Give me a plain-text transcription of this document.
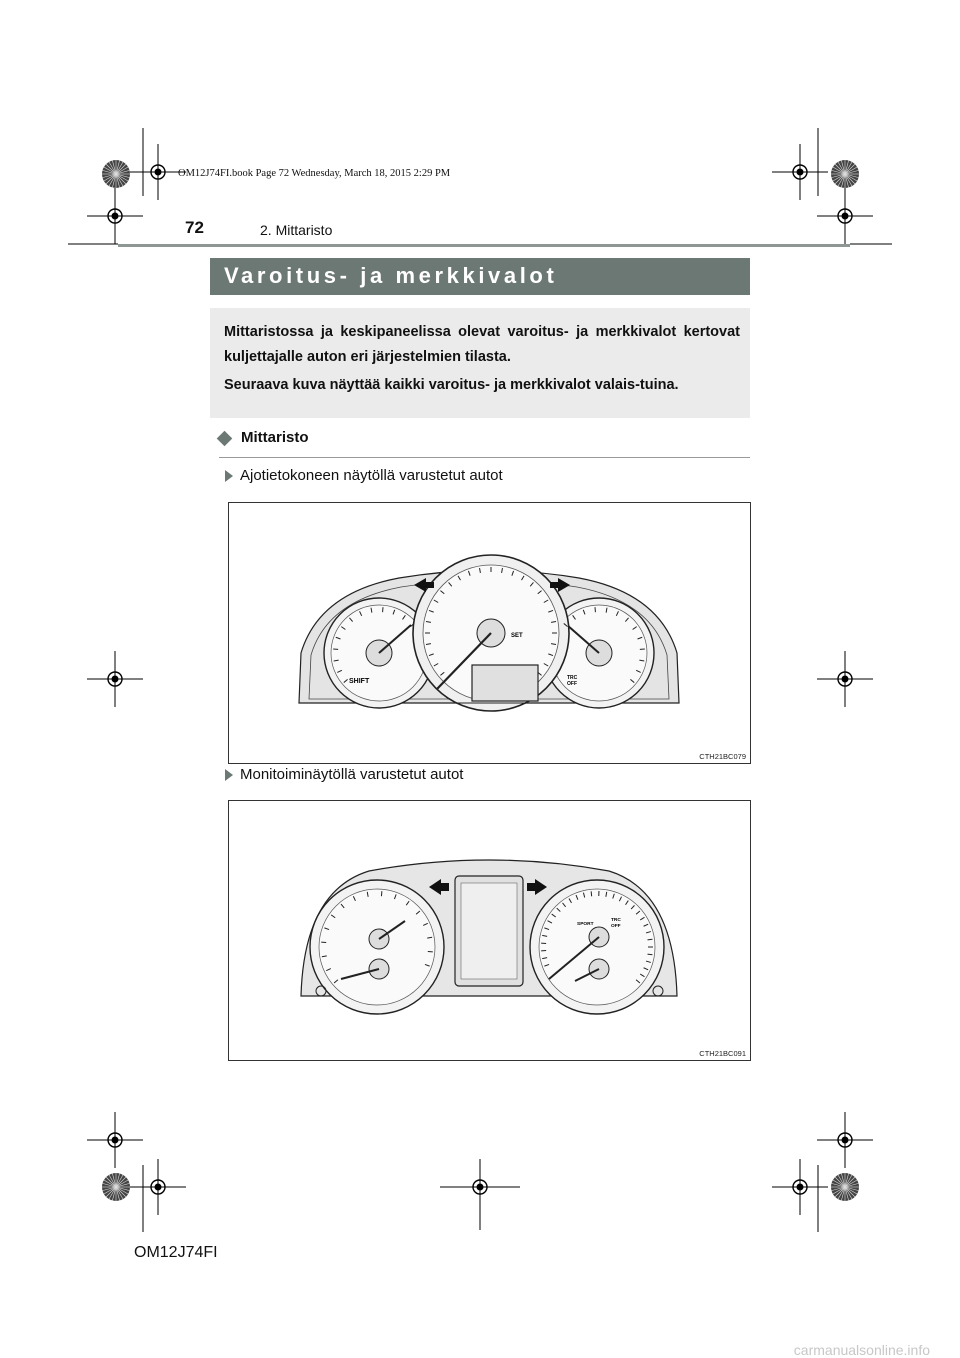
OM12J74FI.book Page 72 Wednesday, March 18, 2015 2:29 PM
72	2. Mittaristo
Varoitus- ja merkkivalot

Mittaristossa ja keskipaneelissa olevat varoitus- ja merkkivalot kertovat kuljettajalle auton eri järjestelmien tilasta.

Seuraava kuva näyttää kaikki varoitus- ja merkkivalot valais-tuina.

Mittaristo
Ajotietokoneen näytöllä varustetut autot
SHIFT
SET
TRC
OFF
CTH21BC079
Monitoiminäytöllä varustetut autot
SPORT
TRC
OFF
CTH21BC091
OM12J74FI
carmanualsonline.info
